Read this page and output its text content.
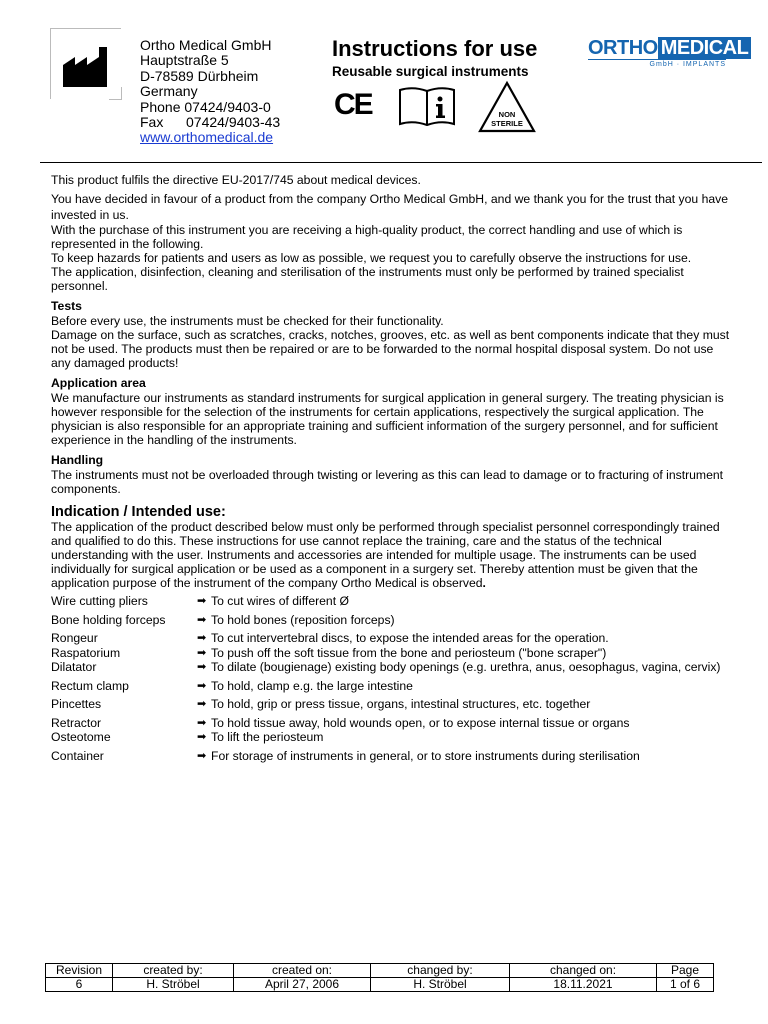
Ortho Medical GmbH
Hauptstraße 5
D-78589 Dürbheim
Germany
Phone 07424/9403-0
Fax 07424/9403-43
www.orthomedical.de
Instructions for use
Reusable surgical instruments
ORTHO MEDICAL
GmbH · IMPLANTS
CE	NON
STERILE

This product fulfils the directive EU-2017/745 about medical devices.

You have decided in favour of a product from the company Ortho Medical GmbH, and we thank you for the trust that you have invested in us.

With the purchase of this instrument you are receiving a high-quality product, the correct handling and use of which is represented in the following.

To keep hazards for patients and users as low as possible, we request you to carefully observe the instructions for use.

The application, disinfection, cleaning and sterilisation of the instruments must only be performed by trained specialist personnel.

Tests

Before every use, the instruments must be checked for their functionality.

Damage on the surface, such as scratches, cracks, notches, grooves, etc. as well as bent components indicate that they must not be used. The products must then be repaired or are to be forwarded to the normal hospital disposal system. Do not use any damaged products!

Application area

We manufacture our instruments as standard instruments for surgical application in general surgery. The treating physician is however responsible for the selection of the instruments for certain applications, respectively the surgical application. The physician is also responsible for an appropriate training and sufficient information of the surgery personnel, and for sufficient experience in the handling of the instruments.

Handling

The instruments must not be overloaded through twisting or levering as this can lead to damage or to fracturing of instrument components.

Indication / Intended use:

The application of the product described below must only be performed through specialist personnel correspondingly trained and qualified to do this. These instructions for use cannot replace the training, care and the status of the technical understanding with the user. Instruments and accessories are intended for multiple usage. The instruments can be used individually for surgical application or be used as a component in a surgery set. Thereby attention must be given that the application purpose of the instrument of the company Ortho Medical is observed.

Wire cutting pliers	➡ To cut wires of different Ø
Bone holding forceps	➡ To hold bones (reposition forceps)
Rongeur	➡ To cut intervertebral discs, to expose the intended areas for the operation.
Raspatorium	➡ To push off the soft tissue from the bone and periosteum ("bone scraper")
Dilatator	➡ To dilate (bougienage) existing body openings (e.g. urethra, anus, oesophagus, vagina, cervix)
Rectum clamp	➡ To hold, clamp e.g. the large intestine
Pincettes	➡ To hold, grip or press tissue, organs, intestinal structures, etc. together
Retractor	➡ To hold tissue away, hold wounds open, or to expose internal tissue or organs
Osteotome	➡ To lift the periosteum
Container	➡ For storage of instruments in general, or to store instruments during sterilisation
Revision	created by:	created on:	changed by:	changed on:	Page
6	H. Ströbel	April 27, 2006	H. Ströbel	18.11.2021	1 of 6
